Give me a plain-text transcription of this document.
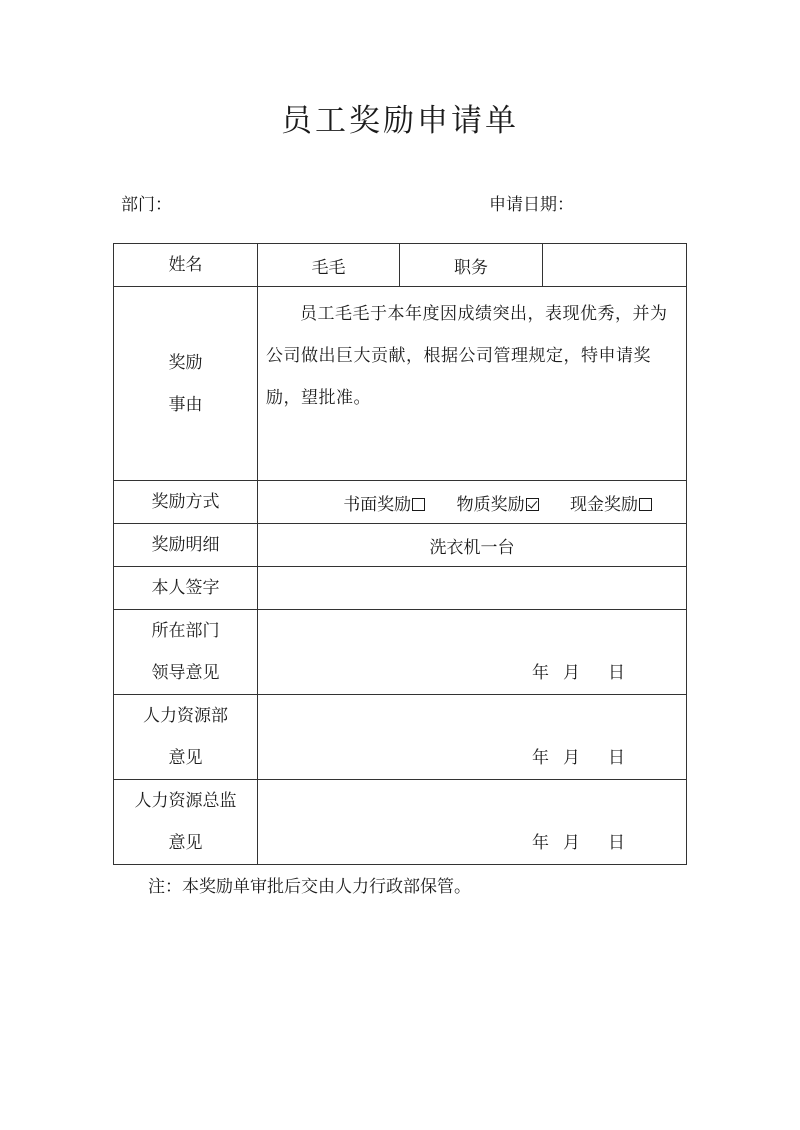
员工奖励申请单
部门：	申请日期：
姓名	毛毛	职务	

奖励
事由	员工毛毛于本年度因成绩突出，表现优秀，并为公司做出巨大贡献，根据公司管理规定，特申请奖励，望批准。		
奖励方式	书面奖励 物质奖励 现金奖励		
奖励明细	洗衣机一台		
本人签字			

所在部门
领导意见	年 月 日		

人力资源部
意见	年 月 日		

人力资源总监
意见	年 月 日		
注：本奖励单审批后交由人力行政部保管。
